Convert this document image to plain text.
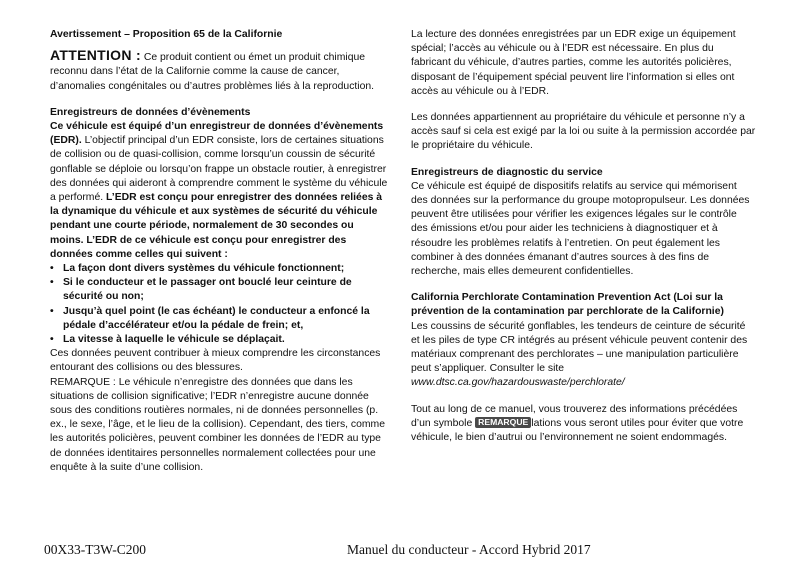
Avertissement – Proposition 65 de la Californie

ATTENTION : Ce produit contient ou émet un produit chimique reconnu dans l’état de la Californie comme la cause de cancer, d’anomalies congénitales ou d’autres problèmes liés à la reproduction.

Enregistreurs de données d’évènements

Ce véhicule est équipé d’un enregistreur de données d’évènements (EDR). L’objectif principal d’un EDR consiste, lors de certaines situations de collision ou de quasi-collision, comme lorsqu’un coussin de sécurité gonflable se déploie ou lorsqu’on frappe un obstacle routier, à enregistrer des données qui aideront à comprendre comment le système du véhicule a performé. L’EDR est conçu pour enregistrer des données reliées à la dynamique du véhicule et aux systèmes de sécurité du véhicule pendant une courte période, normalement de 30 secondes ou moins. L’EDR de ce véhicule est conçu pour enregistrer des données comme celles qui suivent :

• La façon dont divers systèmes du véhicule fonctionnent;
• Si le conducteur et le passager ont bouclé leur ceinture de sécurité ou non;
• Jusqu’à quel point (le cas échéant) le conducteur a enfoncé la pédale d’accélérateur et/ou la pédale de frein; et,
• La vitesse à laquelle le véhicule se déplaçait.

Ces données peuvent contribuer à mieux comprendre les circonstances entourant des collisions ou des blessures.

REMARQUE : Le véhicule n’enregistre des données que dans les situations de collision significative; l’EDR n’enregistre aucune donnée sous des conditions routières normales, ni de données personnelles (p. ex., le sexe, l’âge, et le lieu de la collision). Cependant, des tiers, comme les autorités policières, peuvent combiner les données de l’EDR au type de données identitaires personnelles normalement collectées pour une enquête à la suite d’une collision.

La lecture des données enregistrées par un EDR exige un équipement spécial; l’accès au véhicule ou à l’EDR est nécessaire. En plus du fabricant du véhicule, d’autres parties, comme les autorités policières, disposant de l’équipement spécial peuvent lire l’information si elles ont accès au véhicule ou à l’EDR.

Les données appartiennent au propriétaire du véhicule et personne n’y a accès sauf si cela est exigé par la loi ou suite à la permission accordée par le propriétaire du véhicule.

Enregistreurs de diagnostic du service

Ce véhicule est équipé de dispositifs relatifs au service qui mémorisent des données sur la performance du groupe motopropulseur. Les données peuvent être utilisées pour vérifier les exigences légales sur le contrôle des émissions et/ou pour aider les techniciens à diagnostiquer et à résoudre les problèmes relatifs à l’entretien. On peut également les combiner à des données émanant d’autres sources à des fins de recherche, mais elles demeurent confidentielles.

California Perchlorate Contamination Prevention Act (Loi sur la prévention de la contamination par perchlorate de la Californie)

Les coussins de sécurité gonflables, les tendeurs de ceinture de sécurité et les piles de type CR intégrés au présent véhicule peuvent contenir des matériaux comprenant des perchlorates – une manipulation particulière peut s’appliquer. Consulter le site www.dtsc.ca.gov/hazardouswaste/perchlorate/

Tout au long de ce manuel, vous trouverez des informations précédées d’un symbole REMARQUE lations vous seront utiles pour éviter que votre véhicule, le bien d’autrui ou l’environnement ne soient endommagés.

00X33-T3W-C200	Manuel du conducteur - Accord Hybrid 2017
